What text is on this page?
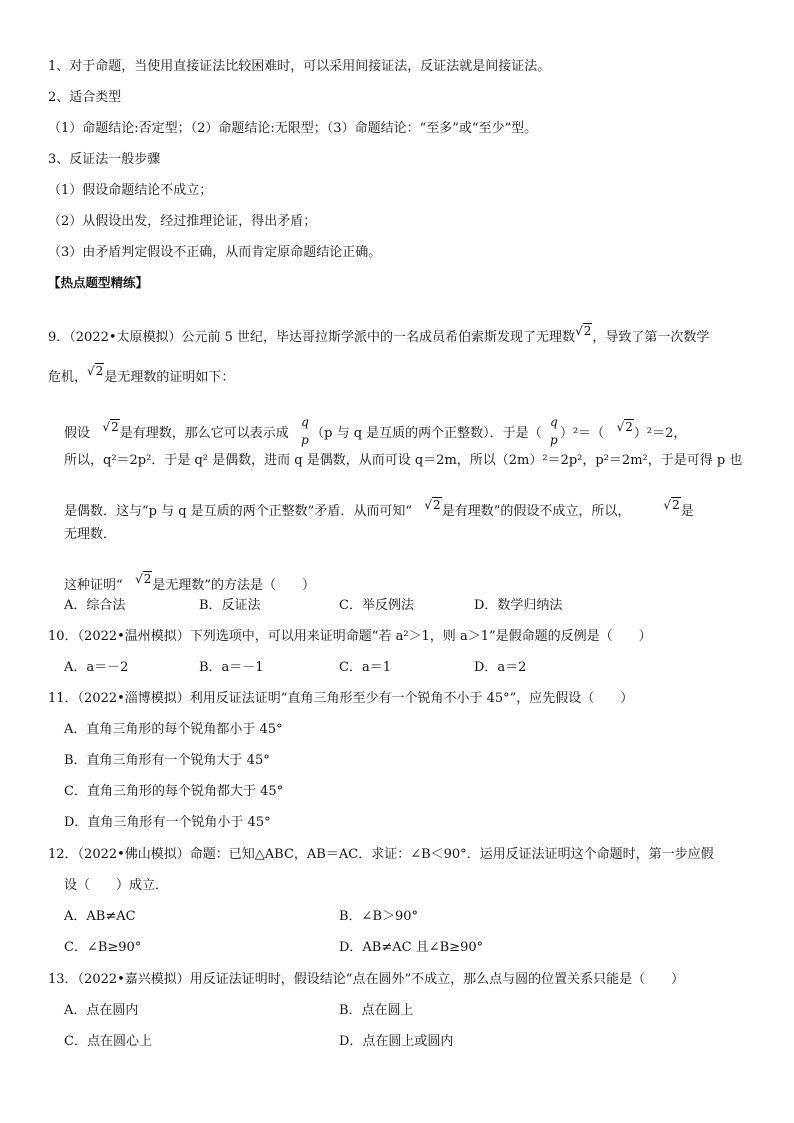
1、对于命题，当使用直接证法比较困难时，可以采用间接证法，反证法就是间接证法。
2、适合类型
（1）命题结论:否定型；（2）命题结论:无限型；（3）命题结论：“至多”或“至少”型。
3、反证法一般步骤
（1）假设命题结论不成立；
（2）从假设出发，经过推理论证，得出矛盾；
（3）由矛盾判定假设不正确，从而肯定原命题结论正确。
【热点题型精练】
9．（2022•太原模拟）公元前 5 世纪，毕达哥拉斯学派中的一名成员希伯索斯发现了无理数√2，导致了第一次数学
危机，√2是无理数的证明如下：
假设 √2是有理数，那么它可以表示成
q
p （p 与 q 是互质的两个正整数）．于是（
q
p ）²＝（ √2）²＝2，
所以，q²＝2p²．于是 q² 是偶数，进而 q 是偶数，从而可设 q＝2m，所以（2m）²＝2p²，p²＝2m²，于是可得 p 也
是偶数．这与“p 与 q 是互质的两个正整数”矛盾．从而可知“ √2是有理数”的假设不成立，所以，	√2是
无理数．
这种证明“ √2是无理数”的方法是（　　）
A．综合法	B．反证法	C．举反例法	D．数学归纳法
10．（2022•温州模拟）下列选项中，可以用来证明命题“若 a²＞1，则 a＞1”是假命题的反例是（　　）
A．a＝－2	B．a＝－1	C．a＝1	D．a＝2
11．（2022•淄博模拟）利用反证法证明“直角三角形至少有一个锐角不小于 45°”，应先假设（　　）
A．直角三角形的每个锐角都小于 45°
B．直角三角形有一个锐角大于 45°
C．直角三角形的每个锐角都大于 45°
D．直角三角形有一个锐角小于 45°
12．（2022•佛山模拟）命题：已知△ABC，AB＝AC．求证：∠B＜90°．运用反证法证明这个命题时，第一步应假
设（　　）成立．
A．AB≠AC	B．∠B＞90°
C．∠B≥90°	D．AB≠AC 且∠B≥90°
13．（2022•嘉兴模拟）用反证法证明时，假设结论“点在圆外”不成立，那么点与圆的位置关系只能是（　　）
A．点在圆内	B．点在圆上
C．点在圆心上	D．点在圆上或圆内
